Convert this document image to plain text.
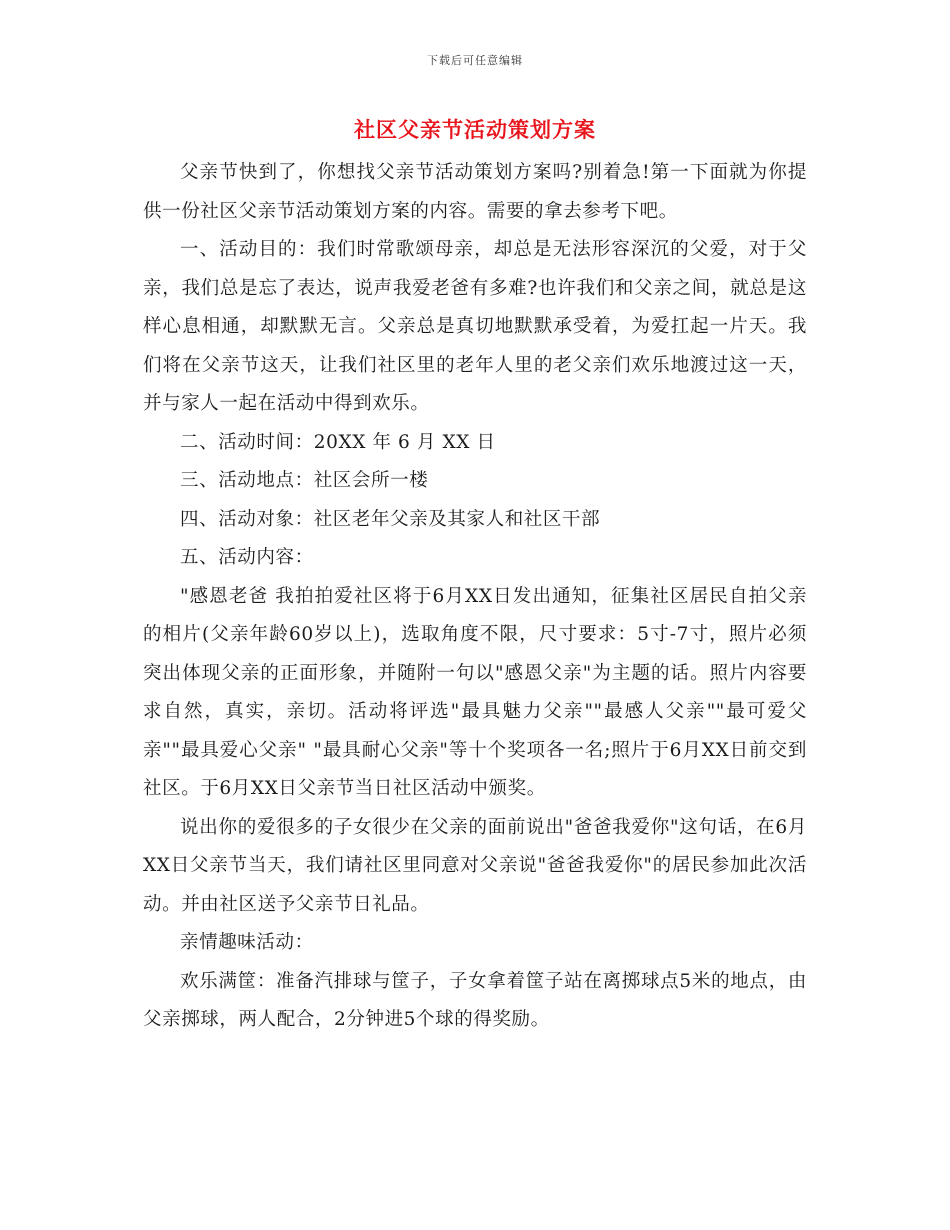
下载后可任意编辑
社区父亲节活动策划方案

父亲节快到了，你想找父亲节活动策划方案吗?别着急!第一下面就为你提供一份社区父亲节活动策划方案的内容。需要的拿去参考下吧。

一、活动目的：我们时常歌颂母亲，却总是无法形容深沉的父爱，对于父亲，我们总是忘了表达，说声我爱老爸有多难?也许我们和父亲之间，就总是这样心息相通，却默默无言。父亲总是真切地默默承受着，为爱扛起一片天。我们将在父亲节这天，让我们社区里的老年人里的老父亲们欢乐地渡过这一天，并与家人一起在活动中得到欢乐。

二、活动时间：20XX 年 6 月 XX 日

三、活动地点：社区会所一楼

四、活动对象：社区老年父亲及其家人和社区干部

五、活动内容：

"感恩老爸 我拍拍爱社区将于6月XX日发出通知，征集社区居民自拍父亲的相片(父亲年龄60岁以上)，选取角度不限，尺寸要求：5寸-7寸，照片必须突出体现父亲的正面形象，并随附一句以"感恩父亲"为主题的话。照片内容要求自然，真实，亲切。活动将评选"最具魅力父亲""最感人父亲""最可爱父亲""最具爱心父亲" "最具耐心父亲"等十个奖项各一名;照片于6月XX日前交到社区。于6月XX日父亲节当日社区活动中颁奖。

说出你的爱很多的子女很少在父亲的面前说出"爸爸我爱你"这句话，在6月XX日父亲节当天，我们请社区里同意对父亲说"爸爸我爱你"的居民参加此次活动。并由社区送予父亲节日礼品。

亲情趣味活动：

欢乐满筐：准备汽排球与筐子，子女拿着筐子站在离掷球点5米的地点，由父亲掷球，两人配合，2分钟进5个球的得奖励。
